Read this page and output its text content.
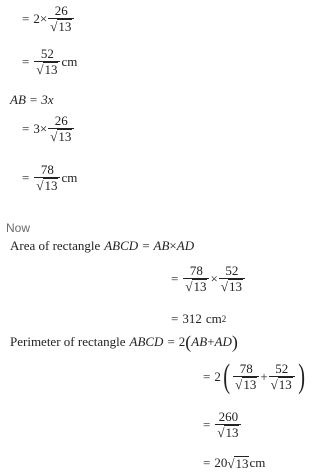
= $2 \times \frac{26}{√ 13}$
= $\frac{52}{√ 13}$ cm
AB = 3x
= $3 \times \frac{26}{√ 13}$
= $\frac{78}{√ 13}$ cm
Now
Area of rectangle ABCD = AB × AD
= $\frac{78}{√ 13} \times \frac{52}{√ 13}$
= 312 cm 2
Perimeter of rectangle ABCD = 2 ( AB + AD )
= 2 ( $\frac{78}{√ 13} + \frac{52}{√ 13}$ )
= $\frac{260}{√ 13}$
= 20 √ 13 cm
